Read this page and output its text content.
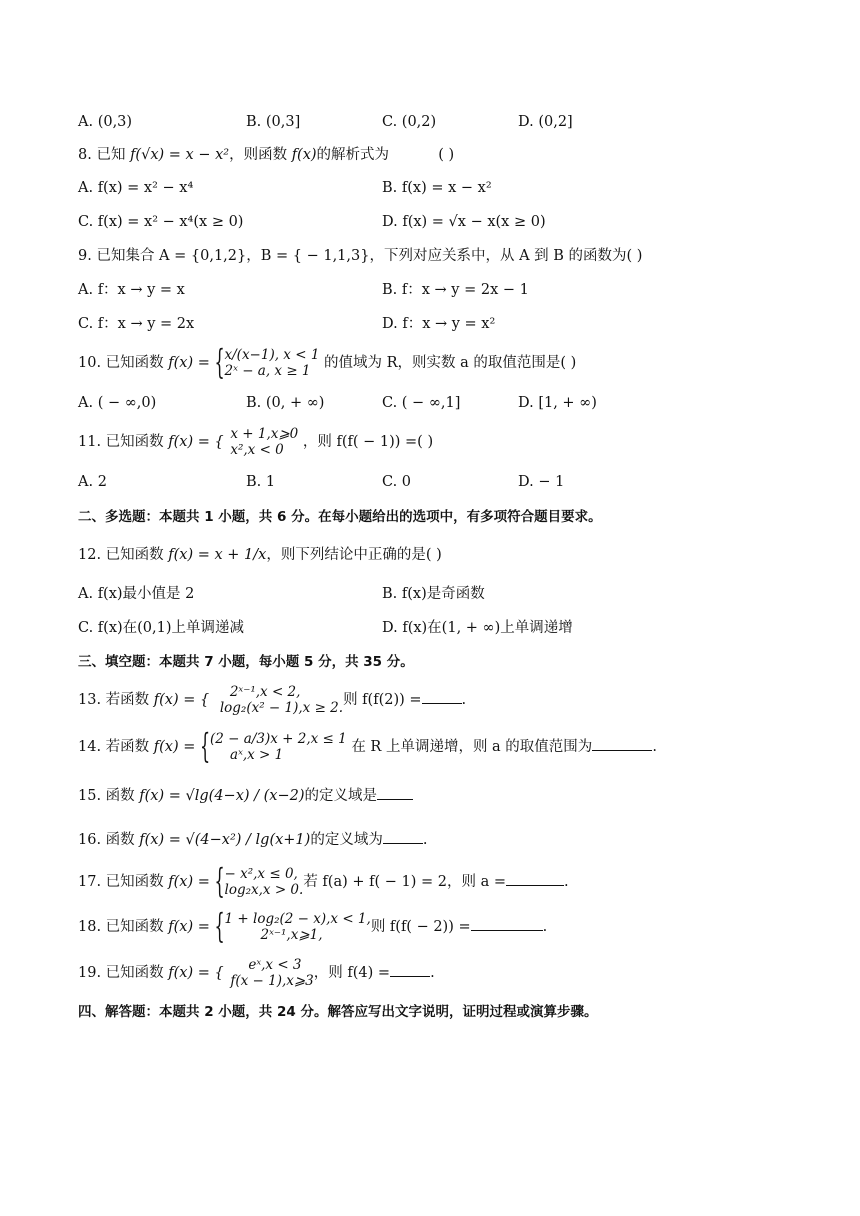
A. (0,3)	B. (0,3]	C. (0,2)	D. (0,2]
8. 已知 f(√x) = x − x²，则函数 f(x)的解析式为	( )
A. f(x) = x² − x⁴	B. f(x) = x − x²
C. f(x) = x² − x⁴(x ≥ 0)	D. f(x) = √x − x(x ≥ 0)
9. 已知集合 A = {0,1,2}，B = { − 1,1,3}，下列对应关系中，从 A 到 B 的函数为( )
A. f：x → y = x	B. f：x → y = 2x − 1
C. f：x → y = 2x	D. f：x → y = x²
10. 已知函数 f(x) = { x/(x−1), x < 1
2ˣ − a, x ≥ 1 的值域为 R，则实数 a 的取值范围是( )
A. ( − ∞,0)	B. (0, + ∞)	C. ( − ∞,1]	D. [1, + ∞)
11. 已知函数 f(x) = { x + 1,x⩾0
x²,x < 0	，则 f(f( − 1)) =( )
A. 2	B. 1	C. 0	D. − 1
二、多选题：本题共 1 小题，共 6 分。在每小题给出的选项中，有多项符合题目要求。
12. 已知函数 f(x) = x + 1/x，则下列结论中正确的是( )
A. f(x)最小值是 2	B. f(x)是奇函数
C. f(x)在(0,1)上单调递减	D. f(x)在(1, + ∞)上单调递增
三、填空题：本题共 7 小题，每小题 5 分，共 35 分。
13. 若函数 f(x) = {	2ˣ⁻¹,x < 2,
log₂(x² − 1),x ≥ 2. 则 f(f(2)) =	.
14. 若函数 f(x) = { (2 − a/3)x + 2,x ≤ 1
aˣ,x > 1	在 R 上单调递增，则 a 的取值范围为	.
15. 函数 f(x) = √lg(4−x) / (x−2)的定义域是
16. 函数 f(x) = √(4−x²) / lg(x+1)的定义域为	.
17. 已知函数 f(x) = { − x²,x ≤ 0,
log₂x,x > 0. 若 f(a) + f( − 1) = 2，则 a =	.
18. 已知函数 f(x) = { 1 + log₂(2 − x),x < 1,
2ˣ⁻¹,x⩾1,	则 f(f( − 2)) =	.
19. 已知函数 f(x) = {	eˣ,x < 3
f(x − 1),x⩾3 ，则 f(4) =	.
四、解答题：本题共 2 小题，共 24 分。解答应写出文字说明，证明过程或演算步骤。
